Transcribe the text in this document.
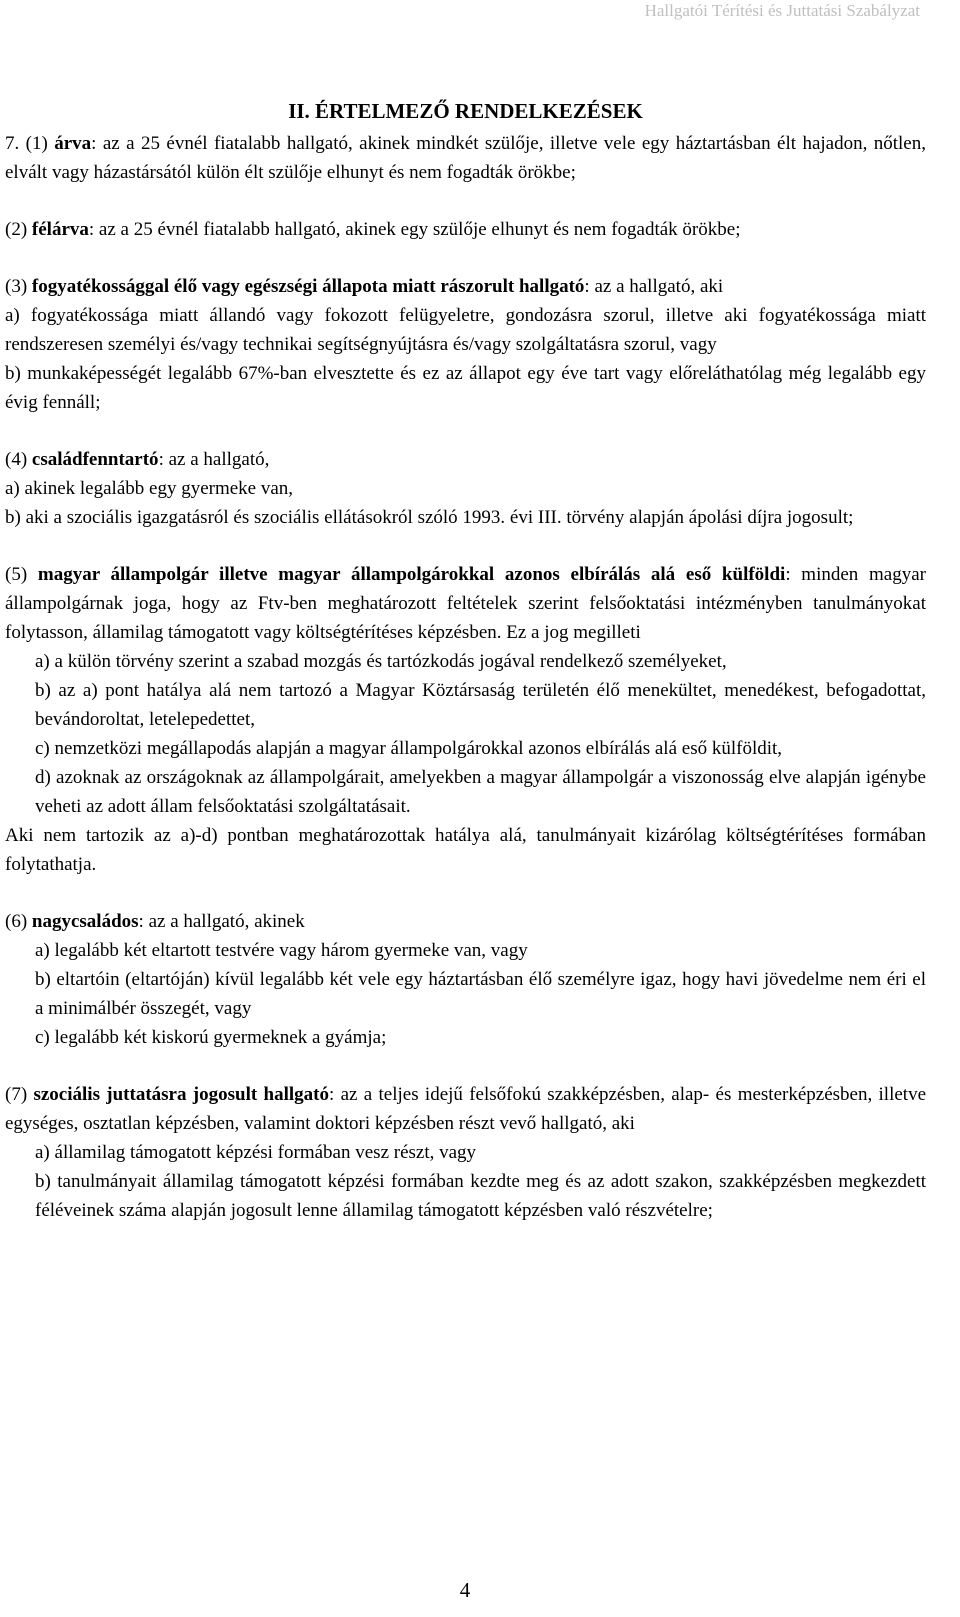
Hallgatói Térítési és Juttatási Szabályzat
II. ÉRTELMEZŐ RENDELKEZÉSEK

7. (1) árva: az a 25 évnél fiatalabb hallgató, akinek mindkét szülője, illetve vele egy háztartásban élt hajadon, nőtlen, elvált vagy házastársától külön élt szülője elhunyt és nem fogadták örökbe;

(2) félárva: az a 25 évnél fiatalabb hallgató, akinek egy szülője elhunyt és nem fogadták örökbe;

(3) fogyatékossággal élő vagy egészségi állapota miatt rászorult hallgató: az a hallgató, aki

a) fogyatékossága miatt állandó vagy fokozott felügyeletre, gondozásra szorul, illetve aki fogyatékossága miatt rendszeresen személyi és/vagy technikai segítségnyújtásra és/vagy szolgáltatásra szorul, vagy

b) munkaképességét legalább 67%-ban elvesztette és ez az állapot egy éve tart vagy előreláthatólag még legalább egy évig fennáll;

(4) családfenntartó: az a hallgató,

a) akinek legalább egy gyermeke van,

b) aki a szociális igazgatásról és szociális ellátásokról szóló 1993. évi III. törvény alapján ápolási díjra jogosult;

(5) magyar állampolgár illetve magyar állampolgárokkal azonos elbírálás alá eső külföldi: minden magyar állampolgárnak joga, hogy az Ftv-ben meghatározott feltételek szerint felsőoktatási intézményben tanulmányokat folytasson, államilag támogatott vagy költségtérítéses képzésben. Ez a jog megilleti

a) a külön törvény szerint a szabad mozgás és tartózkodás jogával rendelkező személyeket,

b) az a) pont hatálya alá nem tartozó a Magyar Köztársaság területén élő menekültet, menedékest, befogadottat, bevándoroltat, letelepedettet,

c) nemzetközi megállapodás alapján a magyar állampolgárokkal azonos elbírálás alá eső külföldit,

d) azoknak az országoknak az állampolgárait, amelyekben a magyar állampolgár a viszonosság elve alapján igénybe veheti az adott állam felsőoktatási szolgáltatásait.

Aki nem tartozik az a)-d) pontban meghatározottak hatálya alá, tanulmányait kizárólag költségtérítéses formában folytathatja.

(6) nagycsaládos: az a hallgató, akinek

a) legalább két eltartott testvére vagy három gyermeke van, vagy

b) eltartóin (eltartóján) kívül legalább két vele egy háztartásban élő személyre igaz, hogy havi jövedelme nem éri el a minimálbér összegét, vagy

c) legalább két kiskorú gyermeknek a gyámja;

(7) szociális juttatásra jogosult hallgató: az a teljes idejű felsőfokú szakképzésben, alap- és mesterképzésben, illetve egységes, osztatlan képzésben, valamint doktori képzésben részt vevő hallgató, aki

a) államilag támogatott képzési formában vesz részt, vagy

b) tanulmányait államilag támogatott képzési formában kezdte meg és az adott szakon, szakképzésben megkezdett féléveinek száma alapján jogosult lenne államilag támogatott képzésben való részvételre;

4
